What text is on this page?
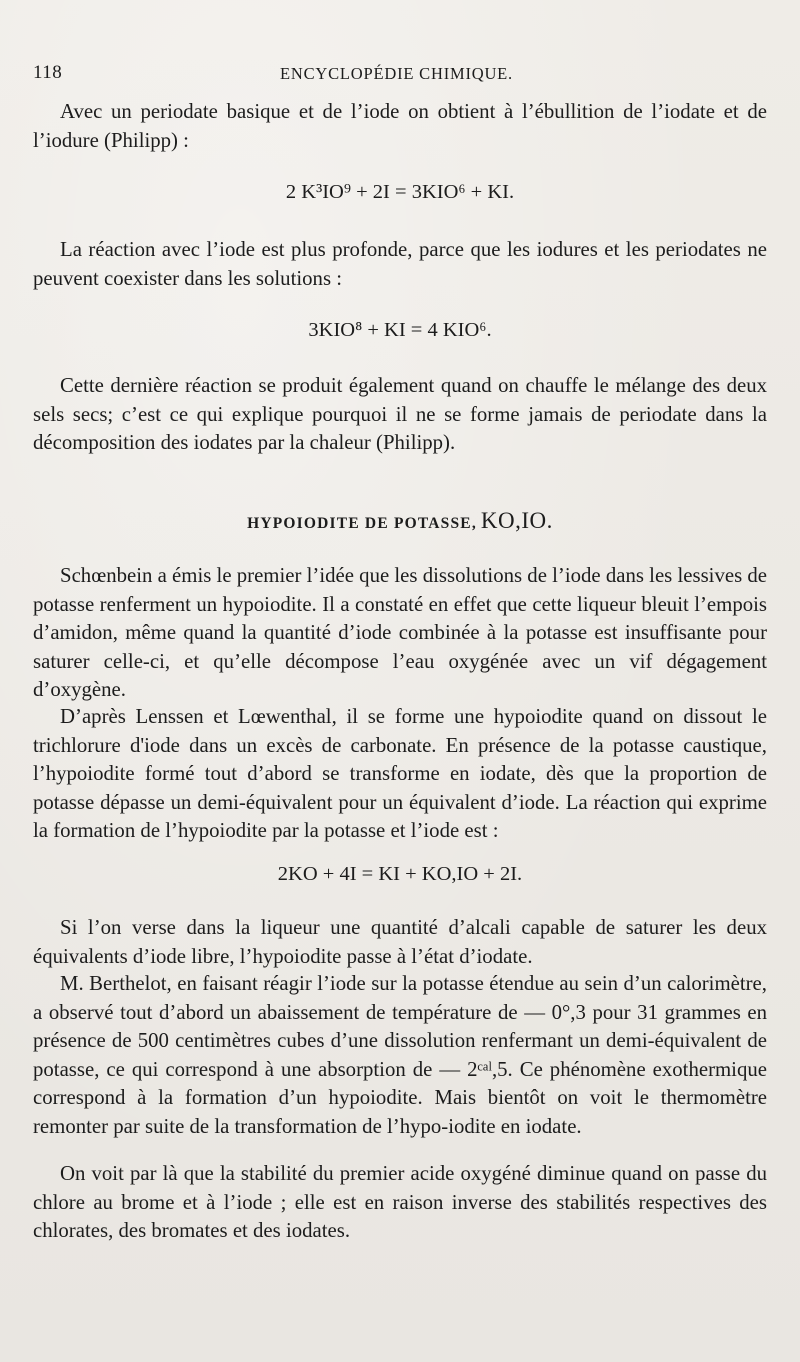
118	ENCYCLOPÉDIE CHIMIQUE.

Avec un periodate basique et de l’iode on obtient à l’ébullition de l’iodate et de l’iodure (Philipp) :

2 K³IO⁹ + 2I = 3KIO⁶ + KI.

La réaction avec l’iode est plus profonde, parce que les iodures et les periodates ne peuvent coexister dans les solutions :

3KIO⁸ + KI = 4 KIO⁶.

Cette dernière réaction se produit également quand on chauffe le mélange des deux sels secs; c’est ce qui explique pourquoi il ne se forme jamais de periodate dans la décomposition des iodates par la chaleur (Philipp).

HYPOIODITE DE POTASSE, KO,IO.

Schœnbein a émis le premier l’idée que les dissolutions de l’iode dans les lessives de potasse renferment un hypoiodite. Il a constaté en effet que cette liqueur bleuit l’empois d’amidon, même quand la quantité d’iode combinée à la potasse est insuffisante pour saturer celle-ci, et qu’elle décompose l’eau oxygénée avec un vif dégagement d’oxygène.

D’après Lenssen et Lœwenthal, il se forme une hypoiodite quand on dissout le trichlorure d'iode dans un excès de carbonate. En présence de la potasse caustique, l’hypoiodite formé tout d’abord se transforme en iodate, dès que la proportion de potasse dépasse un demi-équivalent pour un équivalent d’iode. La réaction qui exprime la formation de l’hypoiodite par la potasse et l’iode est :

2KO + 4I = KI + KO,IO + 2I.

Si l’on verse dans la liqueur une quantité d’alcali capable de saturer les deux équivalents d’iode libre, l’hypoiodite passe à l’état d’iodate.

M. Berthelot, en faisant réagir l’iode sur la potasse étendue au sein d’un calorimètre, a observé tout d’abord un abaissement de température de — 0°,3 pour 31 grammes en présence de 500 centimètres cubes d’une dissolution renfermant un demi-équivalent de potasse, ce qui correspond à une absorption de — 2ᶜᵃˡ,5. Ce phénomène exothermique correspond à la formation d’un hypoiodite. Mais bientôt on voit le thermomètre remonter par suite de la transformation de l’hypo-iodite en iodate.

On voit par là que la stabilité du premier acide oxygéné diminue quand on passe du chlore au brome et à l’iode ; elle est en raison inverse des stabilités respectives des chlorates, des bromates et des iodates.
